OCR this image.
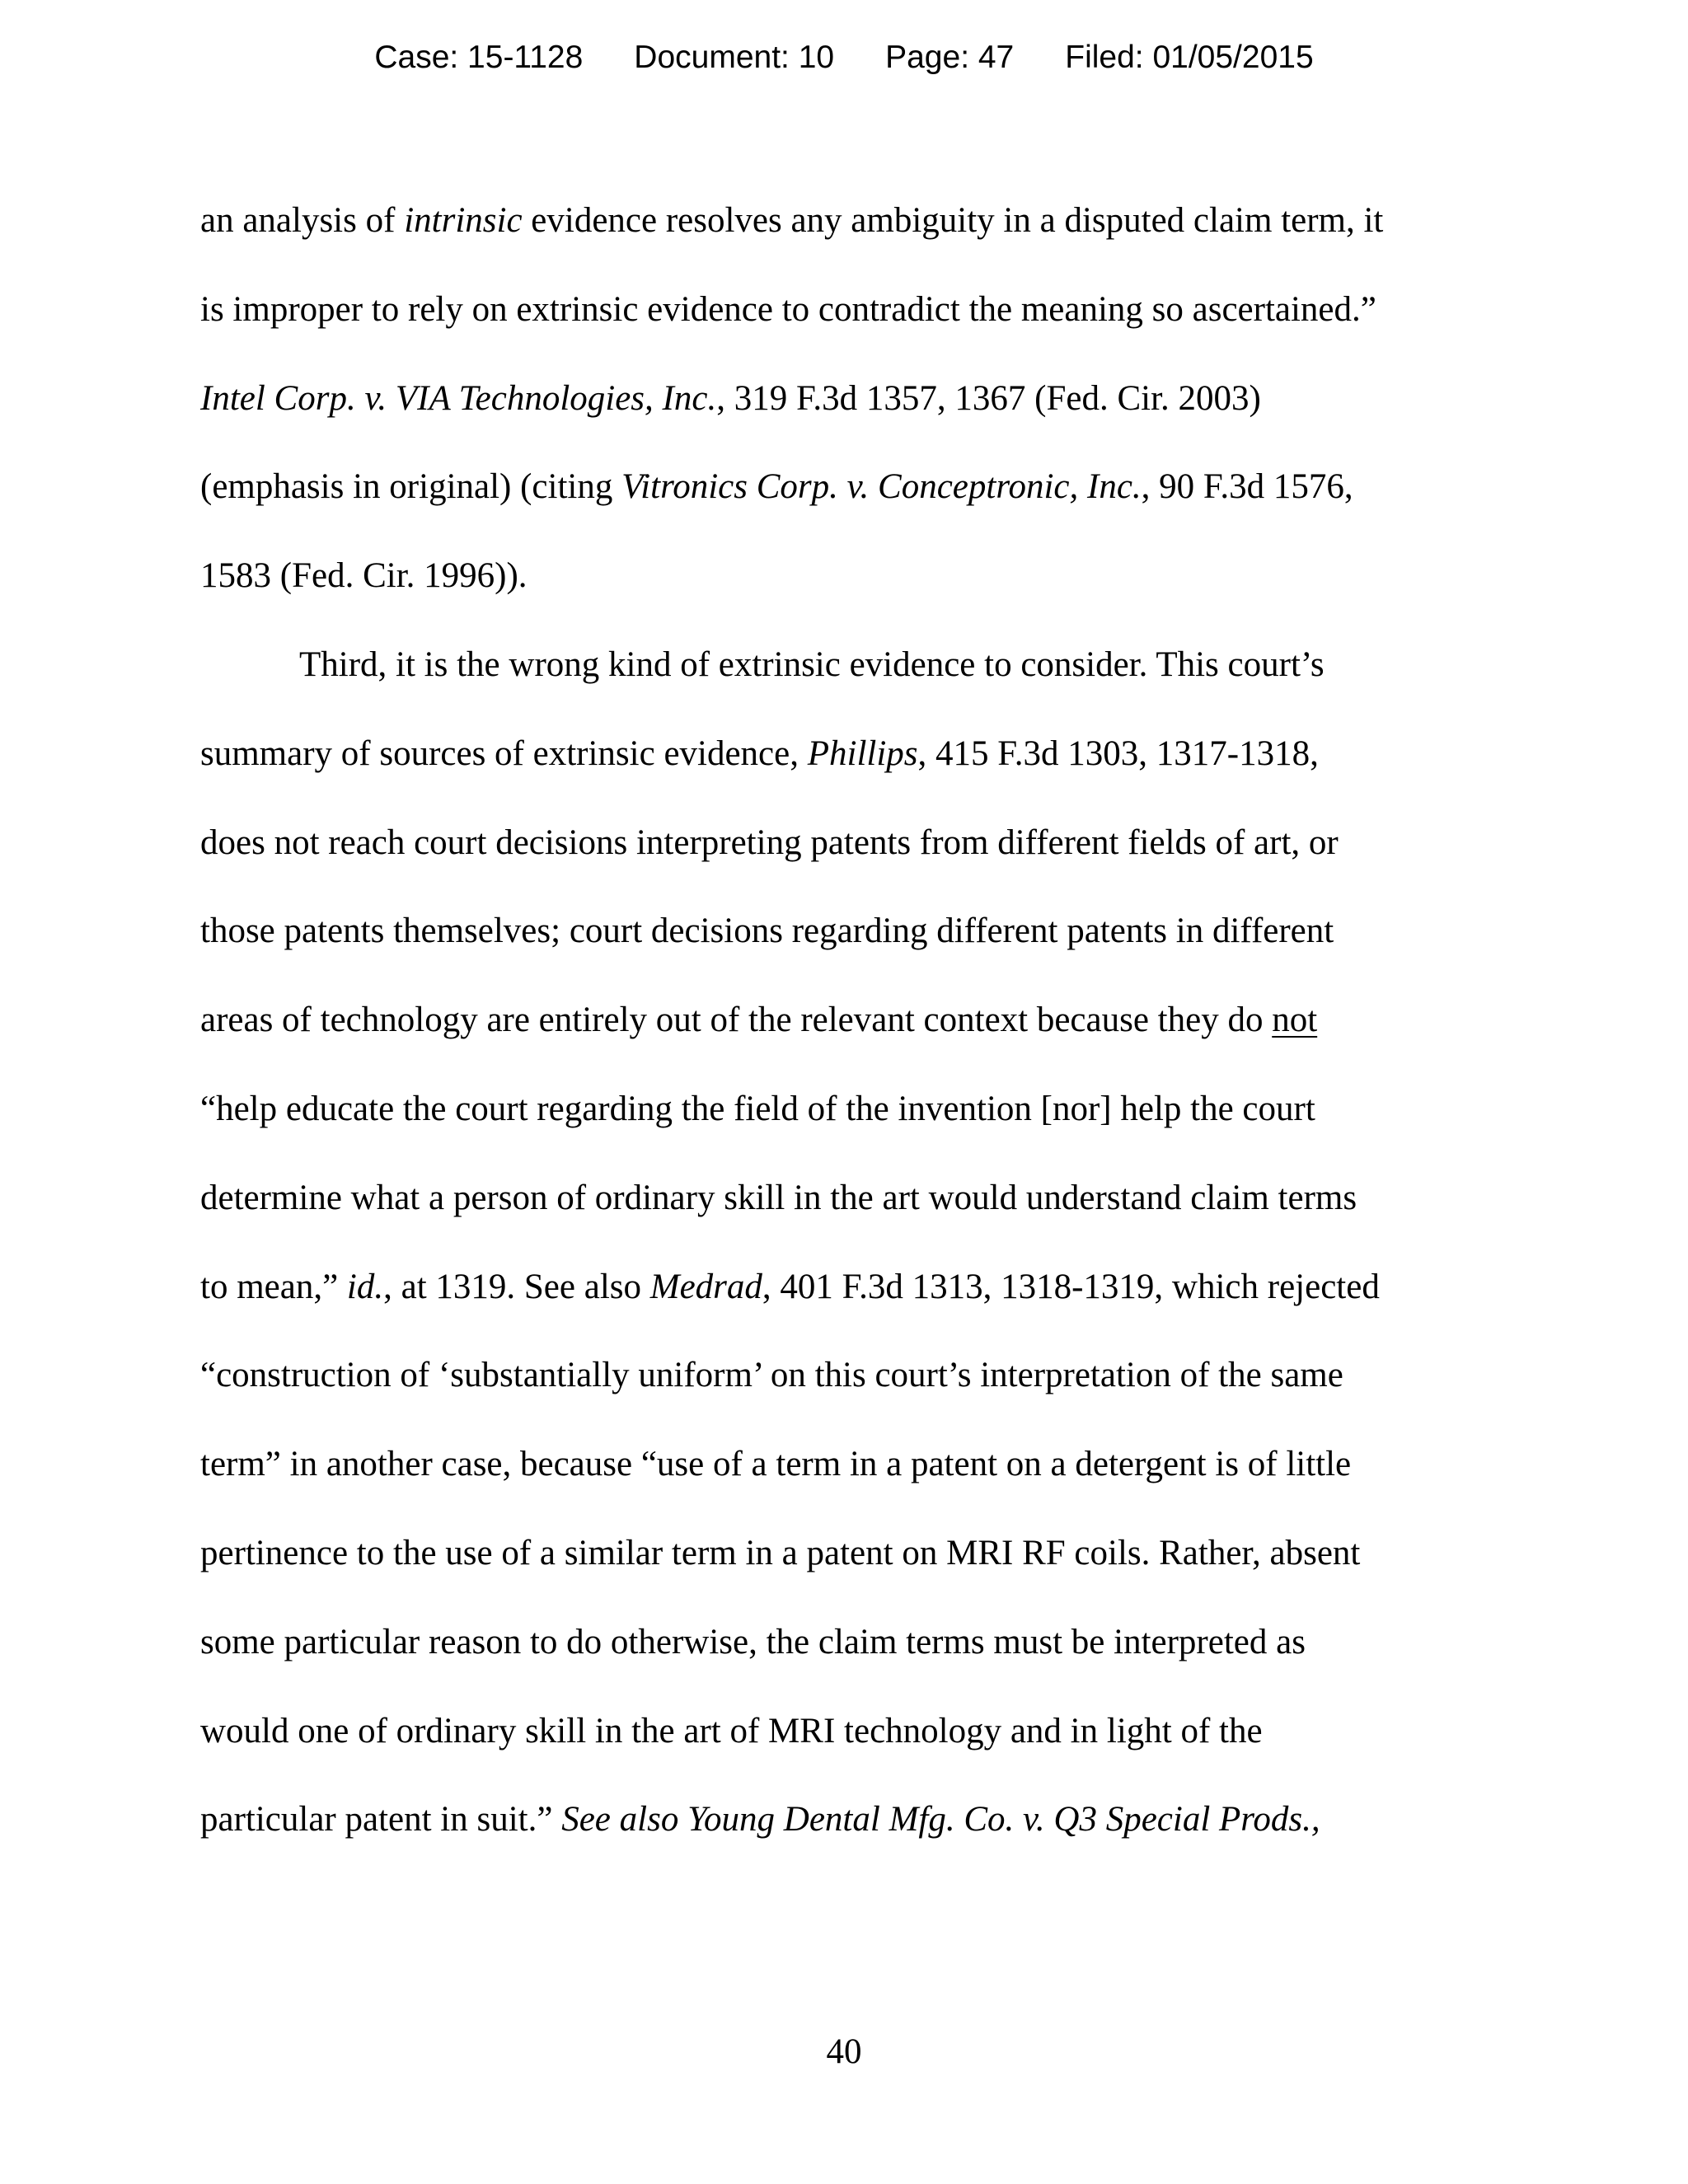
Case: 15-1128 Document: 10 Page: 47 Filed: 01/05/2015
an analysis of intrinsic evidence resolves any ambiguity in a disputed claim term, it
is improper to rely on extrinsic evidence to contradict the meaning so ascertained.”
Intel Corp. v. VIA Technologies, Inc., 319 F.3d 1357, 1367 (Fed. Cir. 2003)
(emphasis in original) (citing Vitronics Corp. v. Conceptronic, Inc., 90 F.3d 1576,
1583 (Fed. Cir. 1996)).
Third, it is the wrong kind of extrinsic evidence to consider. This court’s
summary of sources of extrinsic evidence, Phillips, 415 F.3d 1303, 1317-1318,
does not reach court decisions interpreting patents from different fields of art, or
those patents themselves; court decisions regarding different patents in different
areas of technology are entirely out of the relevant context because they do not
“help educate the court regarding the field of the invention [nor] help the court
determine what a person of ordinary skill in the art would understand claim terms
to mean,” id., at 1319. See also Medrad, 401 F.3d 1313, 1318-1319, which rejected
“construction of ‘substantially uniform’ on this court’s interpretation of the same
term” in another case, because “use of a term in a patent on a detergent is of little
pertinence to the use of a similar term in a patent on MRI RF coils. Rather, absent
some particular reason to do otherwise, the claim terms must be interpreted as
would one of ordinary skill in the art of MRI technology and in light of the
particular patent in suit.” See also Young Dental Mfg. Co. v. Q3 Special Prods.,
40
